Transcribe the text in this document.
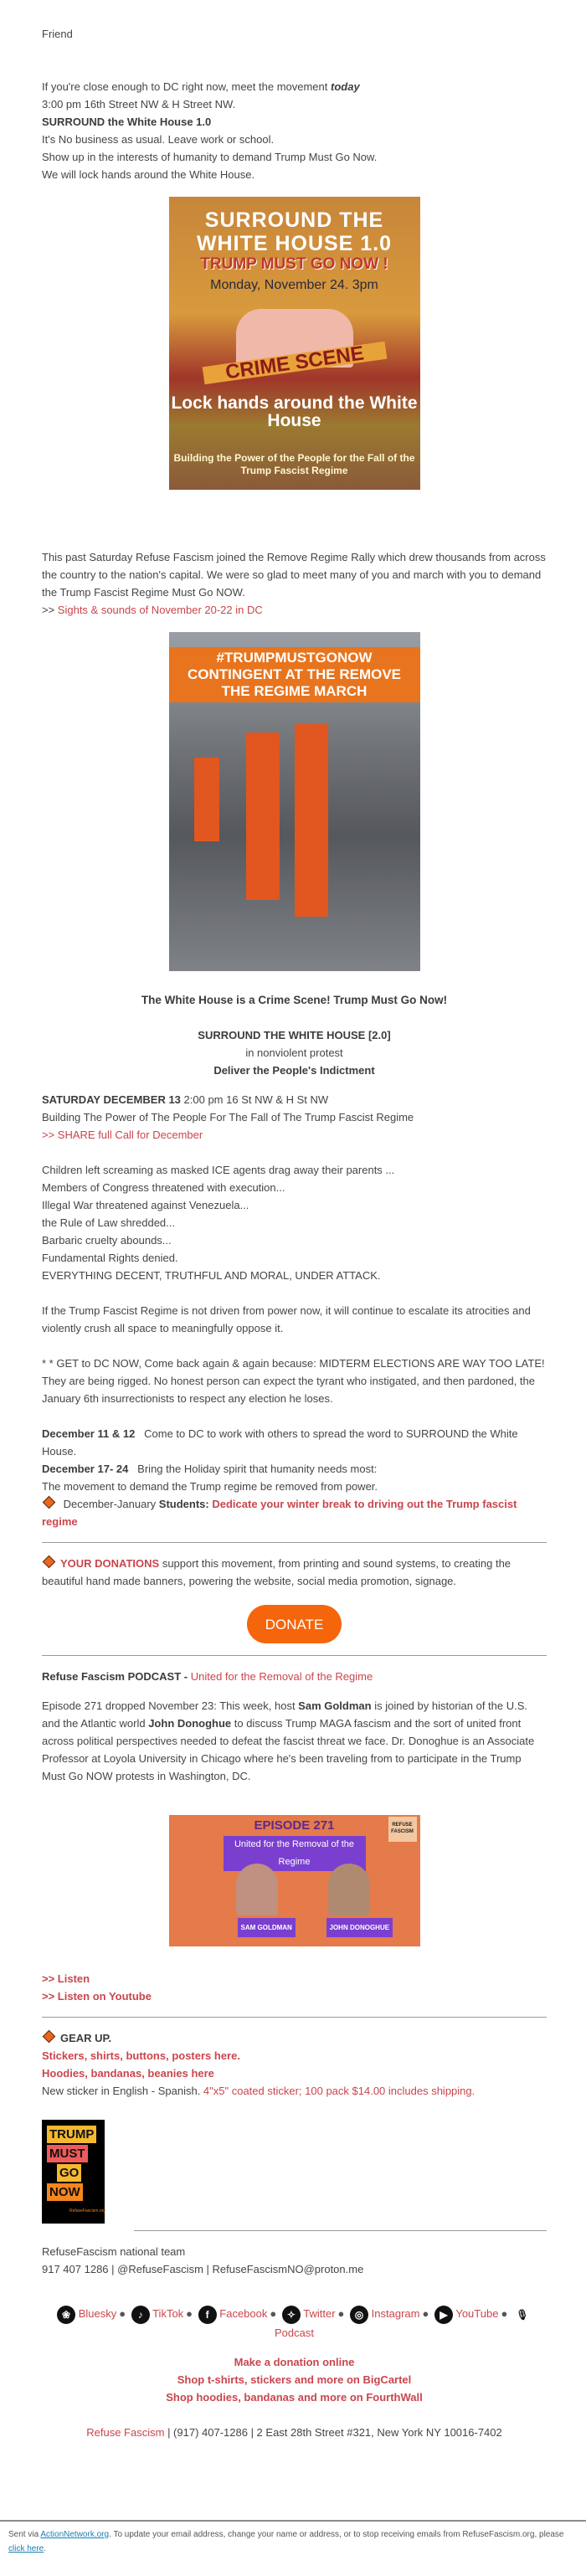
Friend

If you're close enough to DC right now, meet the movement today

3:00 pm 16th Street NW & H Street NW.

SURROUND the White House 1.0

It's No business as usual. Leave work or school.

Show up in the interests of humanity to demand Trump Must Go Now.

We will lock hands around the White House.

SURROUND THE WHITE HOUSE 1.0
TRUMP MUST GO NOW !
Monday, November 24. 3pm
CRIME SCENE
Lock hands around the White House
Building the Power of the People for the Fall of the Trump Fascist Regime

This past Saturday Refuse Fascism joined the Remove Regime Rally which drew thousands from across the country to the nation's capital. We were so glad to meet many of you and march with you to demand the Trump Fascist Regime Must Go NOW.

>> Sights & sounds of November 20-22 in DC

#TRUMPMUSTGONOW CONTINGENT AT THE REMOVE THE REGIME MARCH

The White House is a Crime Scene! Trump Must Go Now!

SURROUND THE WHITE HOUSE [2.0]

in nonviolent protest

Deliver the People's Indictment

SATURDAY DECEMBER 13 2:00 pm 16 St NW & H St NW

Building The Power of The People For The Fall of The Trump Fascist Regime

>> SHARE full Call for December

Children left screaming as masked ICE agents drag away their parents ...

Members of Congress threatened with execution...

Illegal War threatened against Venezuela...

the Rule of Law shredded...

Barbaric cruelty abounds...

Fundamental Rights denied.

EVERYTHING DECENT, TRUTHFUL AND MORAL, UNDER ATTACK.

If the Trump Fascist Regime is not driven from power now, it will continue to escalate its atrocities and violently crush all space to meaningfully oppose it.

* * GET to DC NOW, Come back again & again because: MIDTERM ELECTIONS ARE WAY TOO LATE!

They are being rigged. No honest person can expect the tyrant who instigated, and then pardoned, the January 6th insurrectionists to respect any election he loses.

December 11 & 12   Come to DC to work with others to spread the word to SURROUND the White House.

December 17- 24   Bring the Holiday spirit that humanity needs most:

The movement to demand the Trump regime be removed from power.

December-January Students: Dedicate your winter break to driving out the Trump fascist regime

YOUR DONATIONS support this movement, from printing and sound systems, to creating the beautiful hand made banners, powering the website, social media promotion, signage.

DONATE

Refuse Fascism PODCAST - United for the Removal of the Regime

Episode 271 dropped November 23: This week, host Sam Goldman is joined by historian of the U.S. and the Atlantic world John Donoghue to discuss Trump MAGA fascism and the sort of united front across political perspectives needed to defeat the fascist threat we face. Dr. Donoghue is an Associate Professor at Loyola University in Chicago where he's been traveling from to participate in the Trump Must Go NOW protests in Washington, DC.

EPISODE 271
United for the Removal of the Regime
REFUSE FASCISM
SAM GOLDMAN	JOHN DONOGHUE

>> Listen

>> Listen on Youtube

GEAR UP.

Stickers, shirts, buttons, posters here.

Hoodies, bandanas, beanies here

New sticker in English - Spanish. 4"x5" coated sticker; 100 pack $14.00 includes shipping.

TRUMP
MUST
GO
NOW
RefuseFascism.org

RefuseFascism national team

917 407 1286 | @RefuseFascism | RefuseFascismNO@proton.me

❀ Bluesky ● ♪ TikTok ● f Facebook ● ✧ Twitter ● ◎ Instagram ● ▶ YouTube ● 🎙
Podcast

Make a donation online

Shop t-shirts, stickers and more on BigCartel

Shop hoodies, bandanas and more on FourthWall

Refuse Fascism | (917) 407-1286 | 2 East 28th Street #321, New York NY 10016-7402

Sent via ActionNetwork.org. To update your email address, change your name or address, or to stop receiving emails from RefuseFascism.org, please click here.
